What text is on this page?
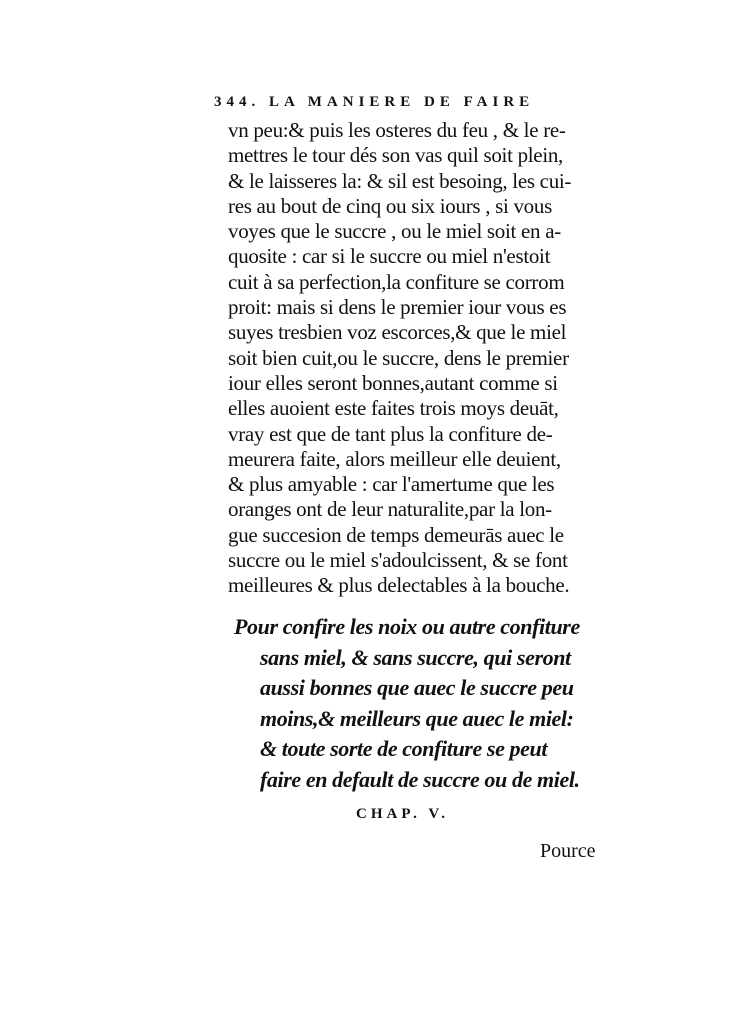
344. LA MANIERE DE FAIRE
vn peu:& puis les osteres du feu , & le re-
mettres le tour dés son vas quil soit plein,
& le laisseres la: & sil est besoing, les cui-
res au bout de cinq ou six iours , si vous
voyes que le succre , ou le miel soit en a-
quosite : car si le succre ou miel n'estoit
cuit à sa perfection,la confiture se corrom
proit: mais si dens le premier iour vous es
suyes tresbien voz escorces,& que le miel
soit bien cuit,ou le succre, dens le premier
iour elles seront bonnes,autant comme si
elles auoient este faites trois moys deuāt,
vray est que de tant plus la confiture de-
meurera faite, alors meilleur elle deuient,
& plus amyable : car l'amertume que les
oranges ont de leur naturalite,par la lon-
gue succesion de temps demeurās auec le
succre ou le miel s'adoulcissent, & se font
meilleures & plus delectables à la bouche.
Pour confire les noix ou autre confiture
sans miel, & sans succre, qui seront
aussi bonnes que auec le succre peu
moins,& meilleurs que auec le miel:
& toute sorte de confiture se peut
faire en default de succre ou de miel.
CHAP. V.
Pource
